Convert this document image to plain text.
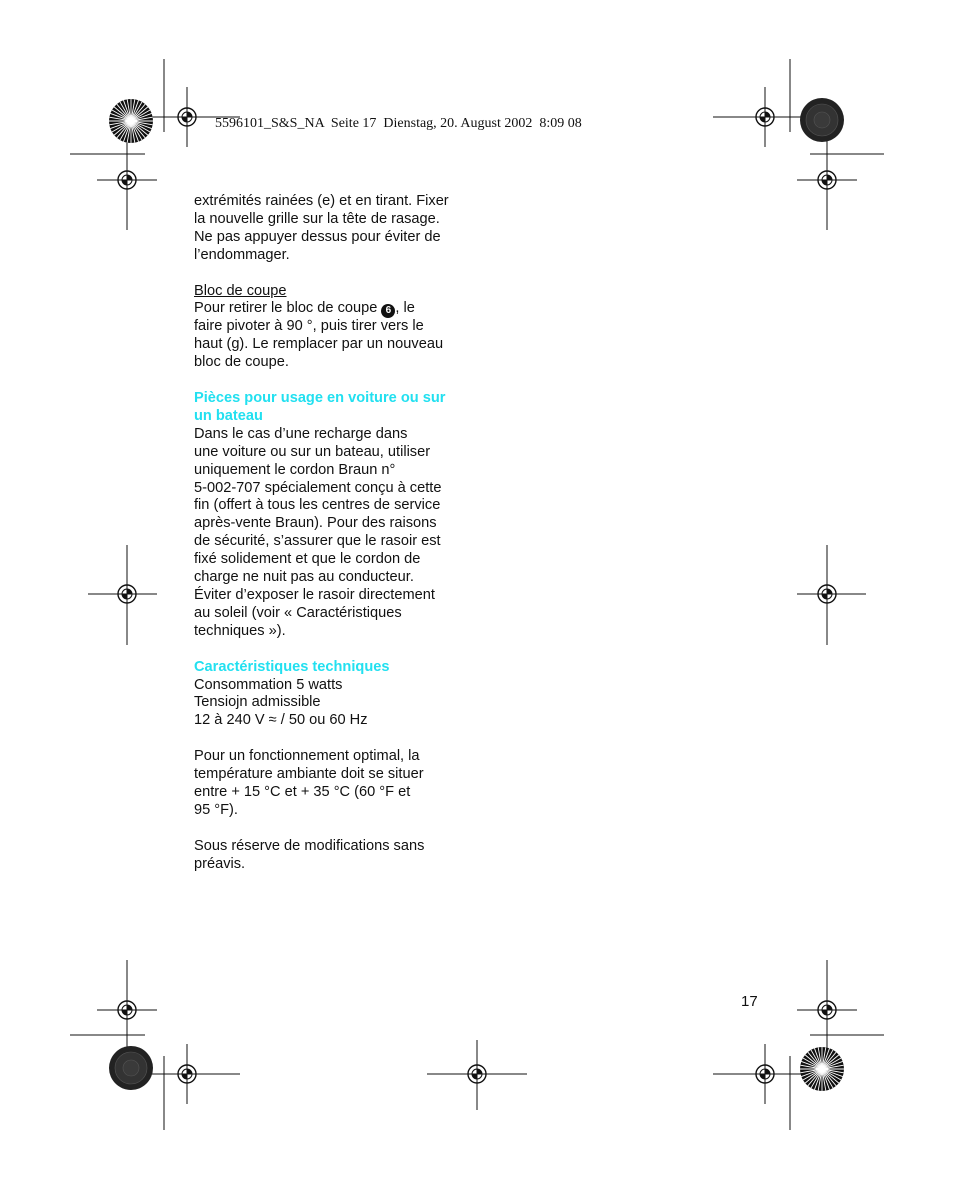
5596101_S&S_NA  Seite 17  Dienstag, 20. August 2002  8:09 08

extrémités rainées (e) et en tirant. Fixer

la nouvelle grille sur la tête de rasage.

Ne pas appuyer dessus pour éviter de

l’endommager.

Bloc de coupe

Pour retirer le bloc de coupe 6 , le

faire pivoter à 90 °, puis tirer vers le

haut (g). Le remplacer par un nouveau

bloc de coupe.

Pièces pour usage en voiture ou sur

un bateau

Dans le cas d’une recharge dans

une voiture ou sur un bateau, utiliser

uniquement le cordon Braun n°

5-002-707 spécialement conçu à cette

fin (offert à tous les centres de service

après-vente Braun). Pour des raisons

de sécurité, s’assurer que le rasoir est

fixé solidement et que le cordon de

charge ne nuit pas au conducteur.

Éviter d’exposer le rasoir directement

au soleil (voir « Caractéristiques

techniques »).

Caractéristiques techniques

Consommation 5 watts

Tensiojn admissible

12 à 240 V ≈ / 50 ou 60 Hz

Pour un fonctionnement optimal, la

température ambiante doit se situer

entre + 15 °C et + 35 °C (60 °F et

95 °F).

Sous réserve de modifications sans

préavis.

17
